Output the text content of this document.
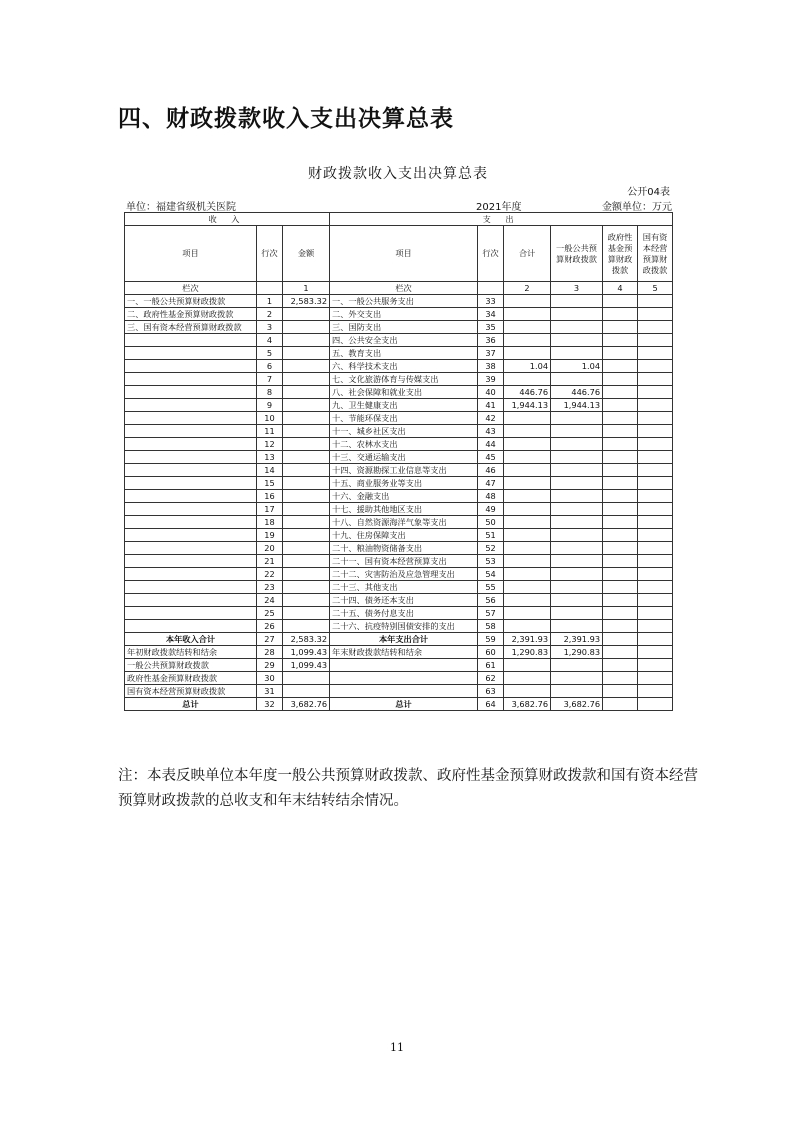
四、财政拨款收入支出决算总表
财政拨款收入支出决算总表
公开04表
单位：福建省级机关医院	2021年度	金额单位：万元
收 入			支 出					
项目	行次	金额	项目	行次	合计	一般公共预算财政拨款	政府性基金预算财政拨款	国有资本经营预算财政拨款
栏次		1	栏次		2	3	4	5
一、一般公共预算财政拨款	1	2,583.32	一、一般公共服务支出	33				
二、政府性基金预算财政拨款	2		二、外交支出	34				
三、国有资本经营预算财政拨款	3		三、国防支出	35				
	4		四、公共安全支出	36				
	5		五、教育支出	37				
	6		六、科学技术支出	38	1.04	1.04		
	7		七、文化旅游体育与传媒支出	39				
	8		八、社会保障和就业支出	40	446.76	446.76		
	9		九、卫生健康支出	41	1,944.13	1,944.13		
	10		十、节能环保支出	42				
	11		十一、城乡社区支出	43				
	12		十二、农林水支出	44				
	13		十三、交通运输支出	45				
	14		十四、资源勘探工业信息等支出	46				
	15		十五、商业服务业等支出	47				
	16		十六、金融支出	48				
	17		十七、援助其他地区支出	49				
	18		十八、自然资源海洋气象等支出	50				
	19		十九、住房保障支出	51				
	20		二十、粮油物资储备支出	52				
	21		二十一、国有资本经营预算支出	53				
	22		二十二、灾害防治及应急管理支出	54				
	23		二十三、其他支出	55				
	24		二十四、债务还本支出	56				
	25		二十五、债务付息支出	57				
	26		二十六、抗疫特别国债安排的支出	58				
本年收入合计	27	2,583.32	本年支出合计	59	2,391.93	2,391.93		
年初财政拨款结转和结余	28	1,099.43	年末财政拨款结转和结余	60	1,290.83	1,290.83		
一般公共预算财政拨款	29	1,099.43		61				
政府性基金预算财政拨款	30			62				
国有资本经营预算财政拨款	31			63				
总计	32	3,682.76	总计	64	3,682.76	3,682.76		
注：本表反映单位本年度一般公共预算财政拨款、政府性基金预算财政拨款和国有资本经营预算财政拨款的总收支和年末结转结余情况。
11
